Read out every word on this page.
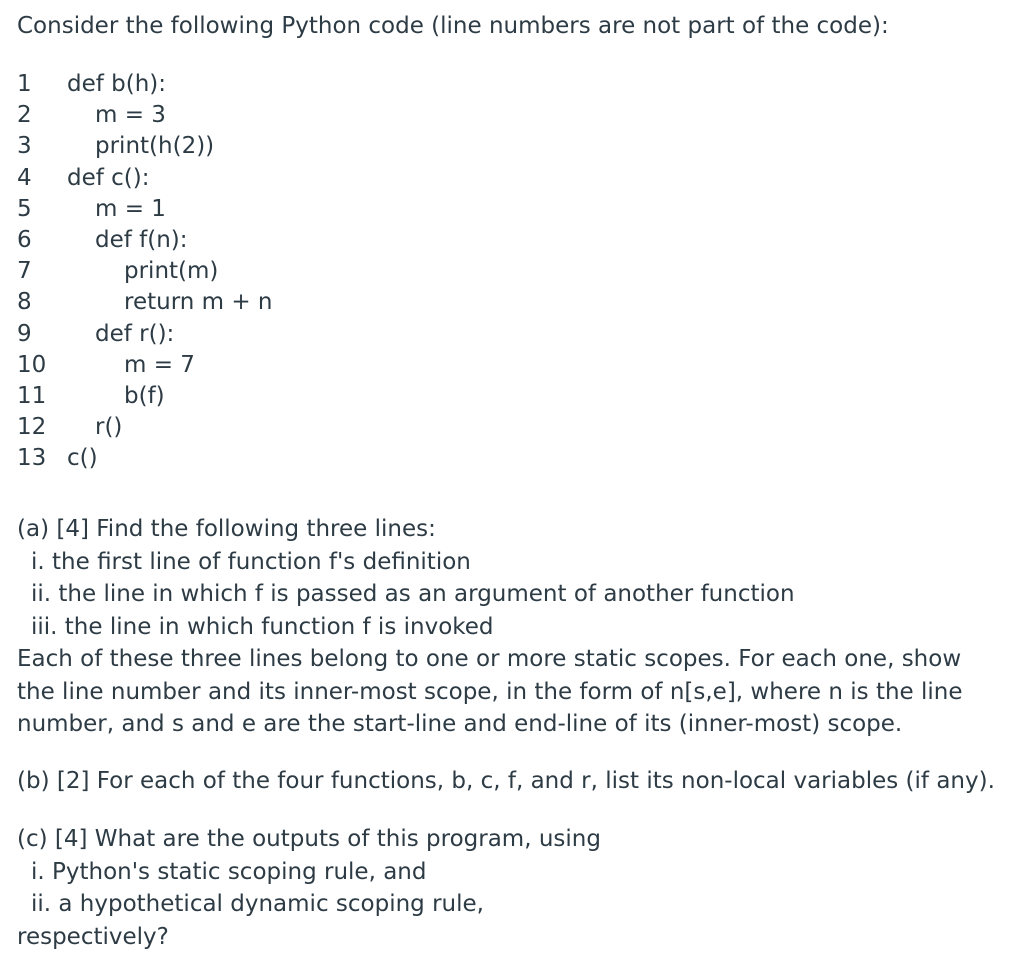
Consider the following Python code (line numbers are not part of the code):
1 def b(h):
2	m = 3
3	print(h(2))
4 def c():
5	m = 1
6	def f(n):
7	print(m)
8	return m + n
9	def r():
10	m = 7
11	b(f)
12 r()
13 c()
(a) [4] Find the following three lines:
i. the first line of function f's definition
ii. the line in which f is passed as an argument of another function
iii. the line in which function f is invoked
Each of these three lines belong to one or more static scopes. For each one, show
the line number and its inner-most scope, in the form of n[s,e], where n is the line
number, and s and e are the start-line and end-line of its (inner-most) scope.
(b) [2] For each of the four functions, b, c, f, and r, list its non-local variables (if any).
(c) [4] What are the outputs of this program, using
i. Python's static scoping rule, and
ii. a hypothetical dynamic scoping rule,
respectively?
